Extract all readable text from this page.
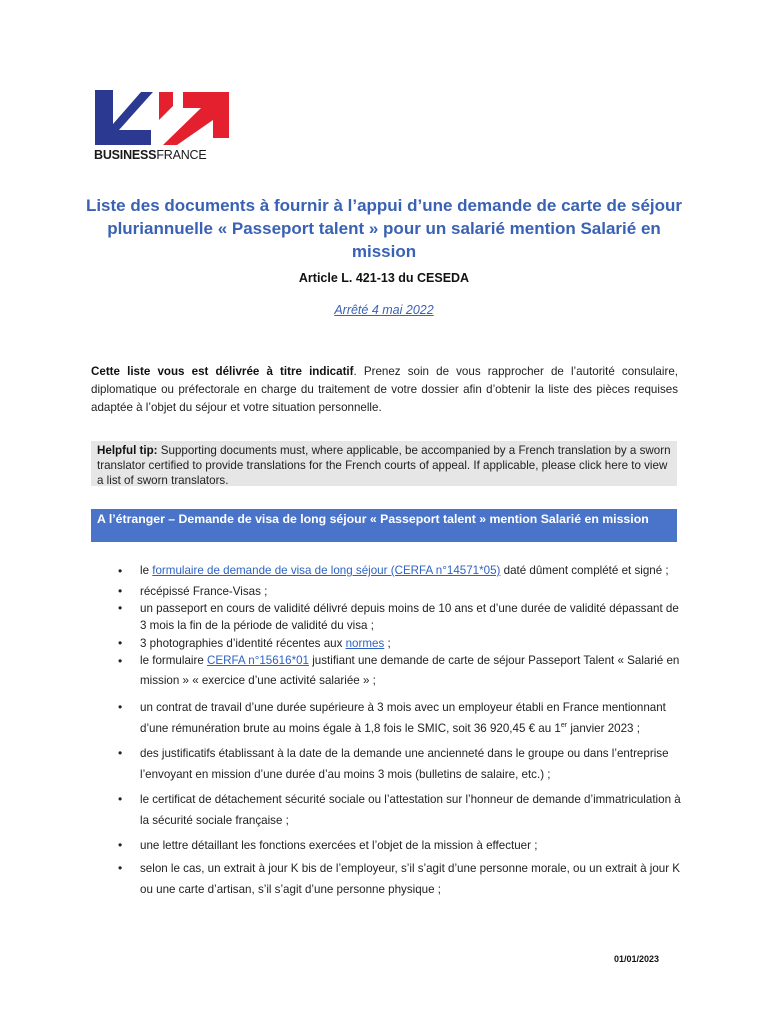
BUSINESSFRANCE
Liste des documents à fournir à l’appui d’une demande de carte de séjour pluriannuelle « Passeport talent » pour un salarié mention Salarié en mission
Article L. 421-13 du CESEDA
Arrêté 4 mai 2022

Cette liste vous est délivrée à titre indicatif. Prenez soin de vous rapprocher de l’autorité consulaire, diplomatique ou préfectorale en charge du traitement de votre dossier afin d’obtenir la liste des pièces requises adaptée à l’objet du séjour et votre situation personnelle.

Helpful tip: Supporting documents must, where applicable, be accompanied by a French translation by a sworn translator certified to provide translations for the French courts of appeal. If applicable, please click here to view a list of sworn translators.
A l’étranger – Demande de visa de long séjour « Passeport talent » mention Salarié en mission
• le formulaire de demande de visa de long séjour (CERFA n°14571*05) daté dûment complété et signé ;
• récépissé France-Visas ;
• un passeport en cours de validité délivré depuis moins de 10 ans et d’une durée de validité dépassant de 3 mois la fin de la période de validité du visa ;
• 3 photographies d’identité récentes aux normes ;
• le formulaire CERFA n°15616*01 justifiant une demande de carte de séjour Passeport Talent « Salarié en mission » « exercice d’une activité salariée » ;
• un contrat de travail d’une durée supérieure à 3 mois avec un employeur établi en France mentionnant d’une rémunération brute au moins égale à 1,8 fois le SMIC, soit 36 920,45 € au 1er janvier 2023 ;
• des justificatifs établissant à la date de la demande une ancienneté dans le groupe ou dans l’entreprise l’envoyant en mission d’une durée d’au moins 3 mois (bulletins de salaire, etc.) ;
• le certificat de détachement sécurité sociale ou l’attestation sur l’honneur de demande d’immatriculation à la sécurité sociale française ;
• une lettre détaillant les fonctions exercées et l’objet de la mission à effectuer ;
• selon le cas, un extrait à jour K bis de l’employeur, s’il s’agit d’une personne morale, ou un extrait à jour K ou une carte d’artisan, s’il s’agit d’une personne physique ;
01/01/2023
